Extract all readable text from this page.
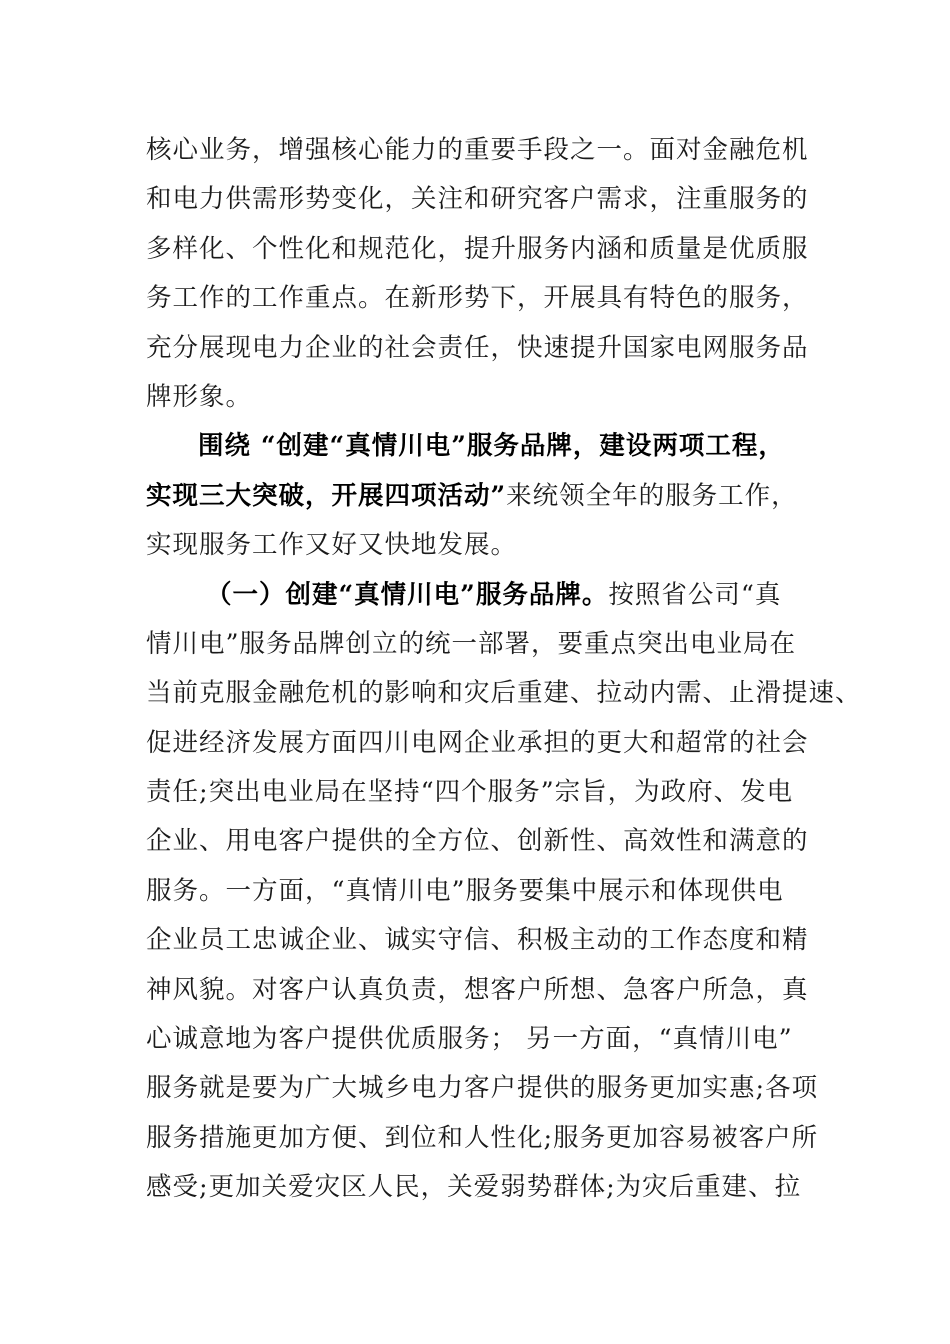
核心业务，增强核心能力的重要手段之一。面对金融危机
和电力供需形势变化，关注和研究客户需求，注重服务的
多样化、个性化和规范化，提升服务内涵和质量是优质服
务工作的工作重点。在新形势下，开展具有特色的服务，
充分展现电力企业的社会责任，快速提升国家电网服务品
牌形象。
围绕 “创建“真情川电”服务品牌，建设两项工程，
实现三大突破，开展四项活动”来统领全年的服务工作，
实现服务工作又好又快地发展。
（一）创建“真情川电”服务品牌。按照省公司“真
情川电”服务品牌创立的统一部署，要重点突出电业局在
当前克服金融危机的影响和灾后重建、拉动内需、止滑提速、
促进经济发展方面四川电网企业承担的更大和超常的社会
责任;突出电业局在坚持“四个服务”宗旨，为政府、发电
企业、用电客户提供的全方位、创新性、高效性和满意的
服务。一方面，“真情川电”服务要集中展示和体现供电
企业员工忠诚企业、诚实守信、积极主动的工作态度和精
神风貌。对客户认真负责，想客户所想、急客户所急，真
心诚意地为客户提供优质服务； 另一方面，“真情川电”
服务就是要为广大城乡电力客户提供的服务更加实惠;各项
服务措施更加方便、到位和人性化;服务更加容易被客户所
感受;更加关爱灾区人民，关爱弱势群体;为灾后重建、拉
